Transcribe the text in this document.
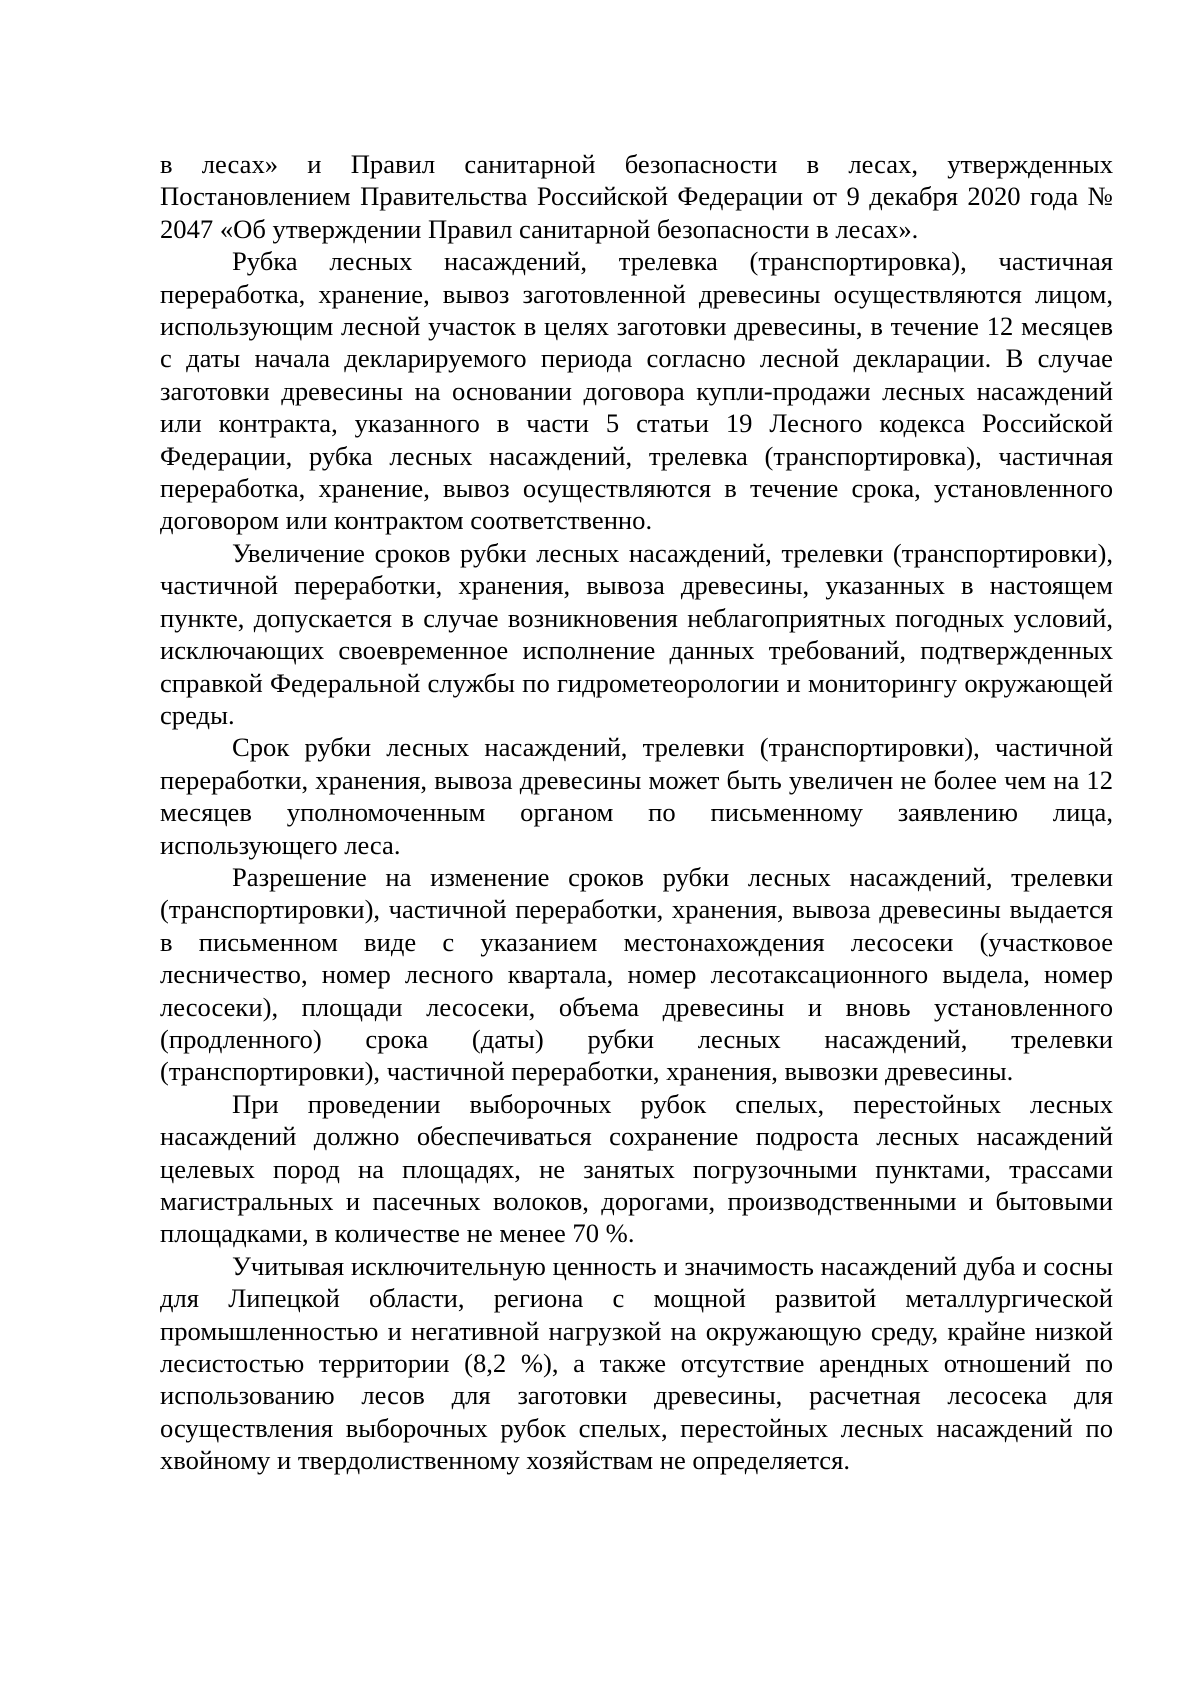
в лесах» и Правил санитарной безопасности в лесах, утвержденных Постановлением Правительства Российской Федерации от 9 декабря 2020 года № 2047 «Об утверждении Правил санитарной безопасности в лесах».

Рубка лесных насаждений, трелевка (транспортировка), частичная переработка, хранение, вывоз заготовленной древесины осуществляются лицом, использующим лесной участок в целях заготовки древесины, в течение 12 месяцев с даты начала декларируемого периода согласно лесной декларации. В случае заготовки древесины на основании договора купли-продажи лесных насаждений или контракта, указанного в части 5 статьи 19 Лесного кодекса Российской Федерации, рубка лесных насаждений, трелевка (транспортировка), частичная переработка, хранение, вывоз осуществляются в течение срока, установленного договором или контрактом соответственно.

Увеличение сроков рубки лесных насаждений, трелевки (транспортировки), частичной переработки, хранения, вывоза древесины, указанных в настоящем пункте, допускается в случае возникновения неблагоприятных погодных условий, исключающих своевременное исполнение данных требований, подтвержденных справкой Федеральной службы по гидрометеорологии и мониторингу окружающей среды.

Срок рубки лесных насаждений, трелевки (транспортировки), частичной переработки, хранения, вывоза древесины может быть увеличен не более чем на 12 месяцев уполномоченным органом по письменному заявлению лица, использующего леса.

Разрешение на изменение сроков рубки лесных насаждений, трелевки (транспортировки), частичной переработки, хранения, вывоза древесины выдается в письменном виде с указанием местонахождения лесосеки (участковое лесничество, номер лесного квартала, номер лесотаксационного выдела, номер лесосеки), площади лесосеки, объема древесины и вновь установленного (продленного) срока (даты) рубки лесных насаждений, трелевки (транспортировки), частичной переработки, хранения, вывозки древесины.

При проведении выборочных рубок спелых, перестойных лесных насаждений должно обеспечиваться сохранение подроста лесных насаждений целевых пород на площадях, не занятых погрузочными пунктами, трассами магистральных и пасечных волоков, дорогами, производственными и бытовыми площадками, в количестве не менее 70 %.

Учитывая исключительную ценность и значимость насаждений дуба и сосны для Липецкой области, региона с мощной развитой металлургической промышленностью и негативной нагрузкой на окружающую среду, крайне низкой лесистостью территории (8,2 %), а также отсутствие арендных отношений по использованию лесов для заготовки древесины, расчетная лесосека для осуществления выборочных рубок спелых, перестойных лесных насаждений по хвойному и твердолиственному хозяйствам не определяется.
